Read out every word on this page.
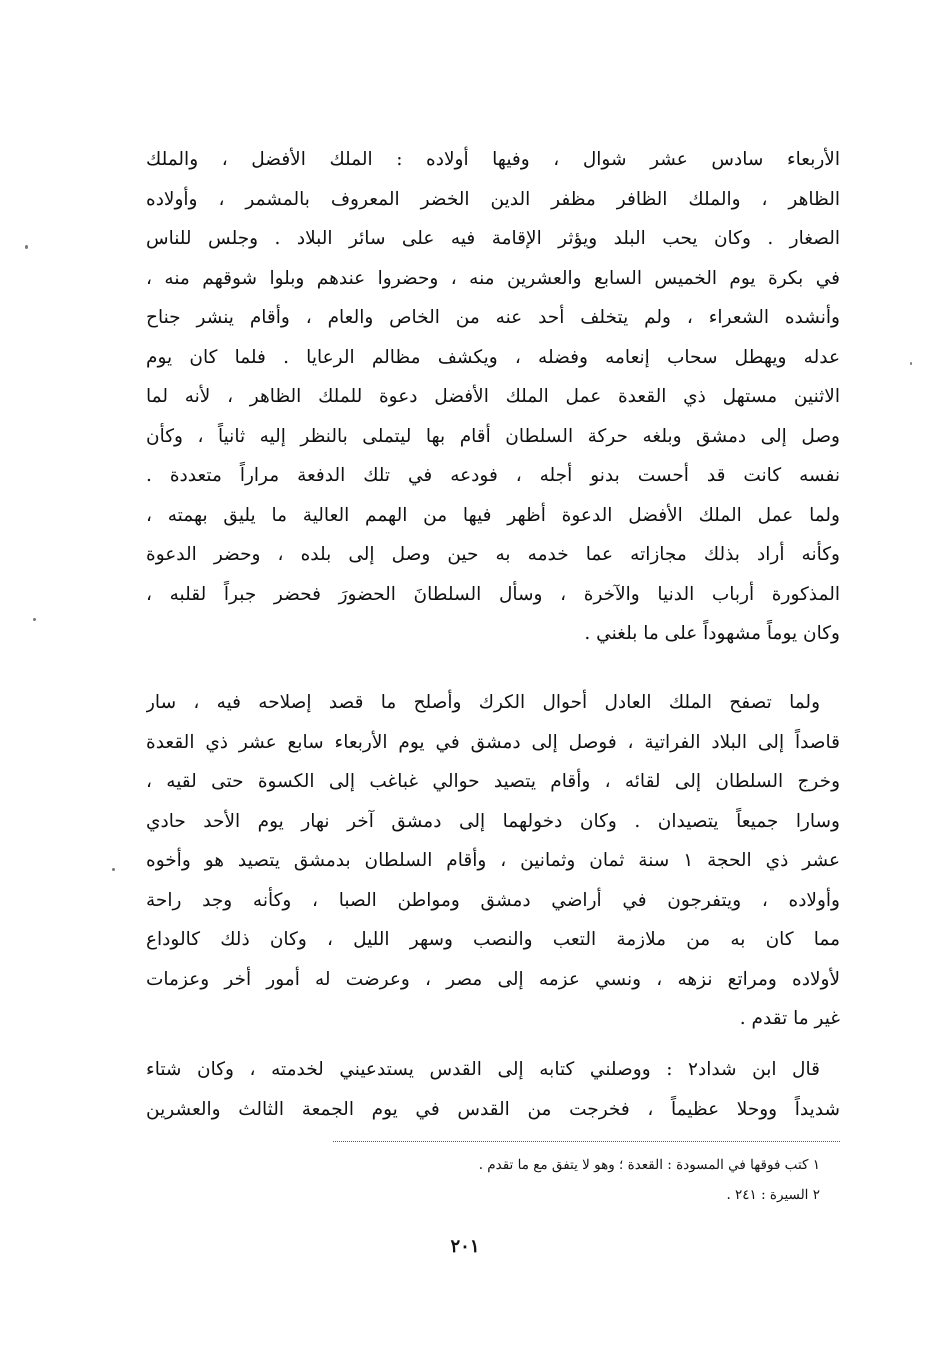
الأربعاء سادس عشر شوال ، وفيها أولاده : الملك الأفضل ، والملك
الظاهر ، والملك الظافر مظفر الدين الخضر المعروف بالمشمر ، وأولاده
الصغار . وكان يحب البلد ويؤثر الإقامة فيه على سائر البلاد . وجلس للناس
في بكرة يوم الخميس السابع والعشرين منه ، وحضروا عندهم وبلوا شوقهم منه ،
وأنشده الشعراء ، ولم يتخلف أحد عنه من الخاص والعام ، وأقام ينشر جناح
عدله ويهطل سحاب إنعامه وفضله ، ويكشف مظالم الرعايا . فلما كان يوم
الاثنين مستهل ذي القعدة عمل الملك الأفضل دعوة للملك الظاهر ، لأنه لما
وصل إلى دمشق وبلغه حركة السلطان أقام بها ليتملى بالنظر إليه ثانياً ، وكأن
نفسه كانت قد أحست بدنو أجله ، فودعه في تلك الدفعة مراراً متعددة .
ولما عمل الملك الأفضل الدعوة أظهر فيها من الهمم العالية ما يليق بهمته ،
وكأنه أراد بذلك مجازاته عما خدمه به حين وصل إلى بلده ، وحضر الدعوة
المذكورة أرباب الدنيا والآخرة ، وسأل السلطانَ الحضورَ فحضر جبراً لقلبه ،
وكان يوماً مشهوداً على ما بلغني .
ولما تصفح الملك العادل أحوال الكرك وأصلح ما قصد إصلاحه فيه ، سار
قاصداً إلى البلاد الفراتية ، فوصل إلى دمشق في يوم الأربعاء سابع عشر ذي القعدة
وخرج السلطان إلى لقائه ، وأقام يتصيد حوالي غباغب إلى الكسوة حتى لقيه ،
وسارا جميعاً يتصيدان . وكان دخولهما إلى دمشق آخر نهار يوم الأحد حادي
عشر ذي الحجة ١ سنة ثمان وثمانين ، وأقام السلطان بدمشق يتصيد هو وأخوه
وأولاده ، ويتفرجون في أراضي دمشق ومواطن الصبا ، وكأنه وجد راحة
مما كان به من ملازمة التعب والنصب وسهر الليل ، وكان ذلك كالوداع
لأولاده ومراتع نزهه ، ونسي عزمه إلى مصر ، وعرضت له أمور أخر وعزمات
غير ما تقدم .
قال ابن شداد٢ : ووصلني كتابه إلى القدس يستدعيني لخدمته ، وكان شتاء
شديداً ووحلا عظيماً ، فخرجت من القدس في يوم الجمعة الثالث والعشرين
١ كتب فوقها في المسودة : القعدة ؛ وهو لا يتفق مع ما تقدم .
٢ السيرة : ٢٤١ .
٢٠١
